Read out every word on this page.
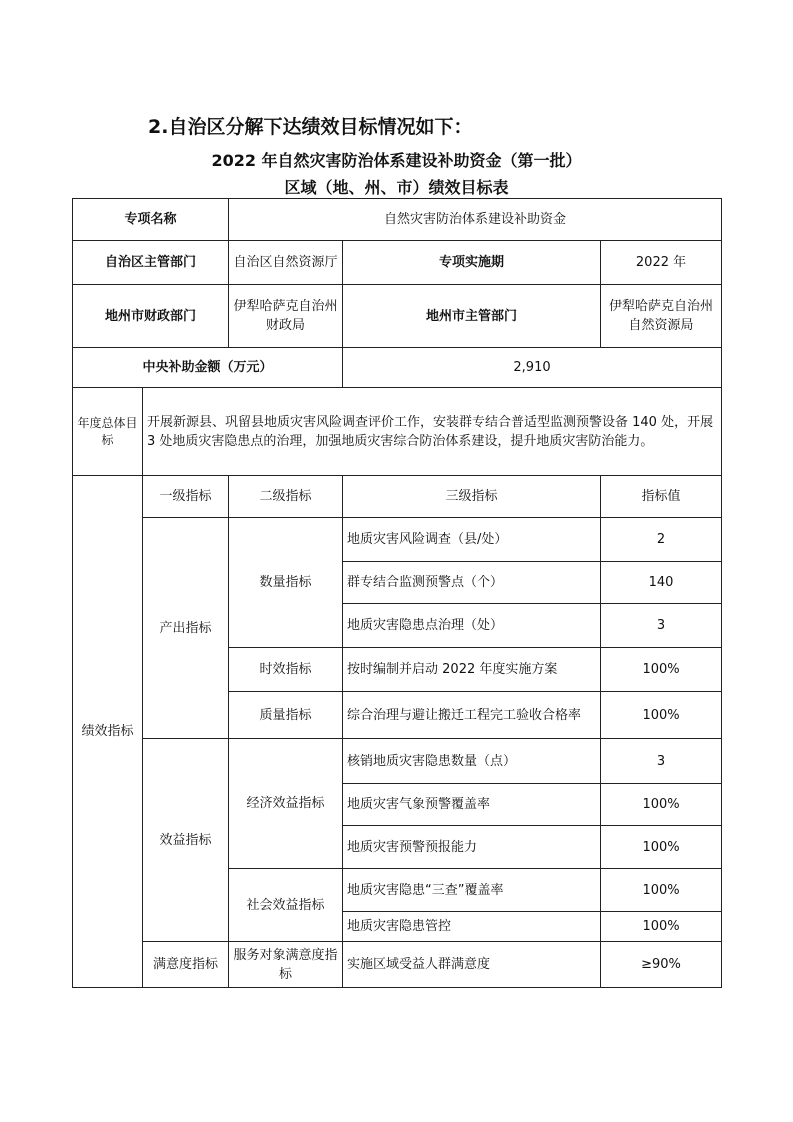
2.自治区分解下达绩效目标情况如下：
2022 年自然灾害防治体系建设补助资金（第一批）
区域（地、州、市）绩效目标表
专项名称		自然灾害防治体系建设补助资金		
自治区主管部门		自治区自然资源厅	专项实施期	2022 年
地州市财政部门		伊犁哈萨克自治州财政局	地州市主管部门	伊犁哈萨克自治州自然资源局
中央补助金额（万元）			2,910	
年度总体目标	开展新源县、巩留县地质灾害风险调查评价工作，安装群专结合普适型监测预警设备 140 处，开展 3 处地质灾害隐患点的治理，加强地质灾害综合防治体系建设，提升地质灾害防治能力。			
绩效指标	一级指标	二级指标	三级指标	指标值
	产出指标	数量指标	地质灾害风险调查（县/处）	2
			群专结合监测预警点（个）	140
			地质灾害隐患点治理（处）	3
		时效指标	按时编制并启动 2022 年度实施方案	100%
		质量指标	综合治理与避让搬迁工程完工验收合格率	100%
	效益指标	经济效益指标	核销地质灾害隐患数量（点）	3
			地质灾害气象预警覆盖率	100%
			地质灾害预警预报能力	100%
		社会效益指标	地质灾害隐患“三查”覆盖率	100%
			地质灾害隐患管控	100%
	满意度指标	服务对象满意度指标	实施区域受益人群满意度	≥90%
